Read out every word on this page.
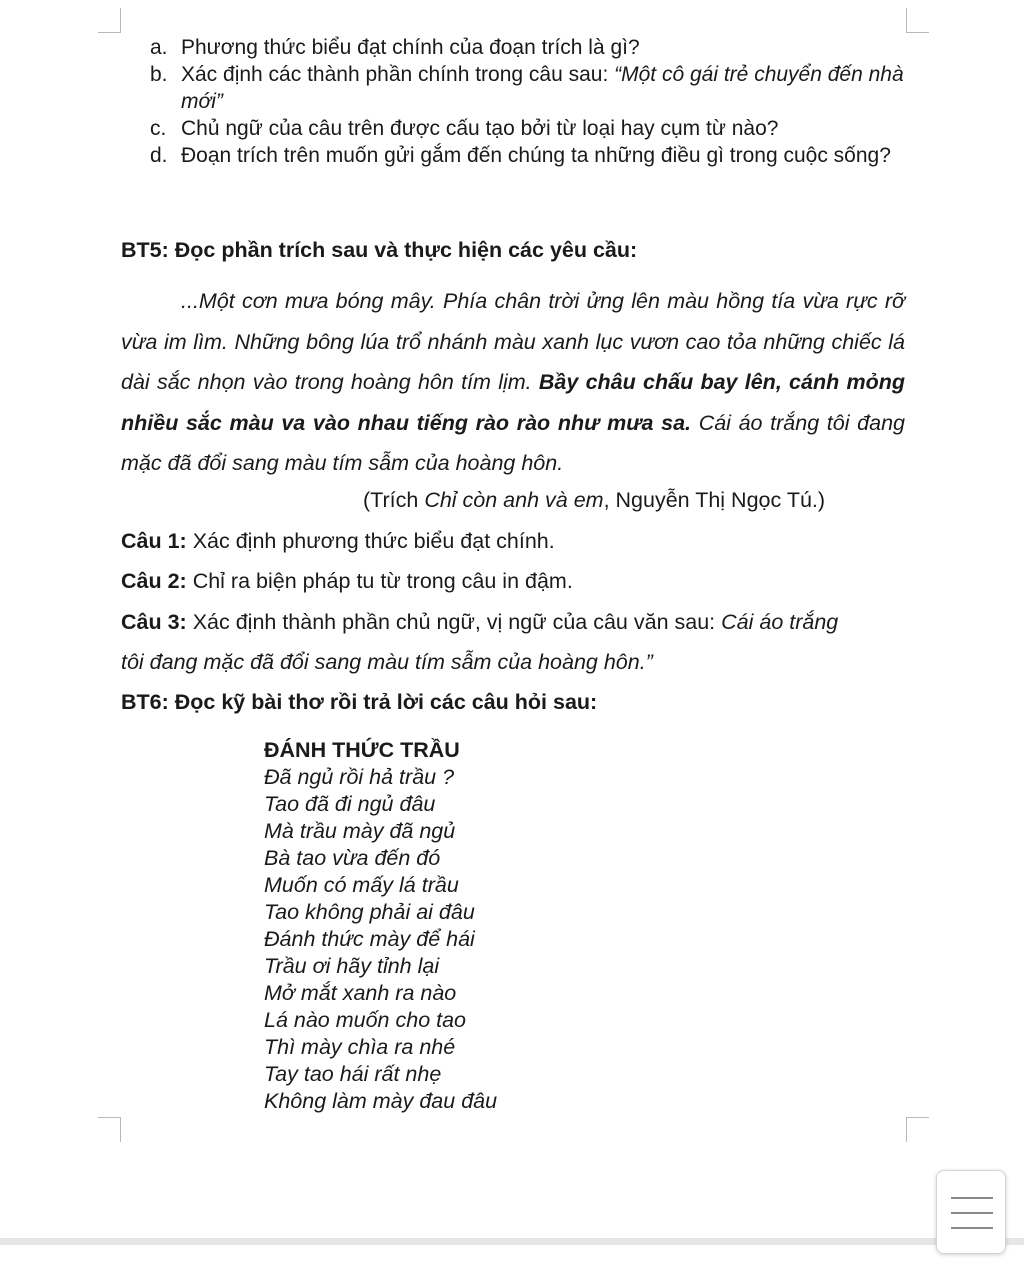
a. Phương thức biểu đạt chính của đoạn trích là gì?
b. Xác định các thành phần chính trong câu sau: “Một cô gái trẻ chuyển đến nhà mới”
c. Chủ ngữ của câu trên được cấu tạo bởi từ loại hay cụm từ nào?
d. Đoạn trích trên muốn gửi gắm đến chúng ta những điều gì trong cuộc sống?
BT5: Đọc phần trích sau và thực hiện các yêu cầu:

...Một cơn mưa bóng mây. Phía chân trời ửng lên màu hồng tía vừa rực rỡ vừa im lìm. Những bông lúa trổ nhánh màu xanh lục vươn cao tỏa những chiếc lá dài sắc nhọn vào trong hoàng hôn tím lịm. Bầy châu chấu bay lên, cánh mỏng nhiều sắc màu va vào nhau tiếng rào rào như mưa sa. Cái áo trắng tôi đang mặc đã đổi sang màu tím sẫm của hoàng hôn.

(Trích Chỉ còn anh và em, Nguyễn Thị Ngọc Tú.)
Câu 1: Xác định phương thức biểu đạt chính.
Câu 2: Chỉ ra biện pháp tu từ trong câu in đậm.
Câu 3: Xác định thành phần chủ ngữ, vị ngữ của câu văn sau: Cái áo trắng
tôi đang mặc đã đổi sang màu tím sẫm của hoàng hôn.”
BT6: Đọc kỹ bài thơ rồi trả lời các câu hỏi sau:
ĐÁNH THỨC TRẦU
Đã ngủ rồi hả trầu ?
Tao đã đi ngủ đâu
Mà trầu mày đã ngủ
Bà tao vừa đến đó
Muốn có mấy lá trầu
Tao không phải ai đâu
Đánh thức mày để hái
Trầu ơi hãy tỉnh lại
Mở mắt xanh ra nào
Lá nào muốn cho tao
Thì mày chìa ra nhé
Tay tao hái rất nhẹ
Không làm mày đau đâu
